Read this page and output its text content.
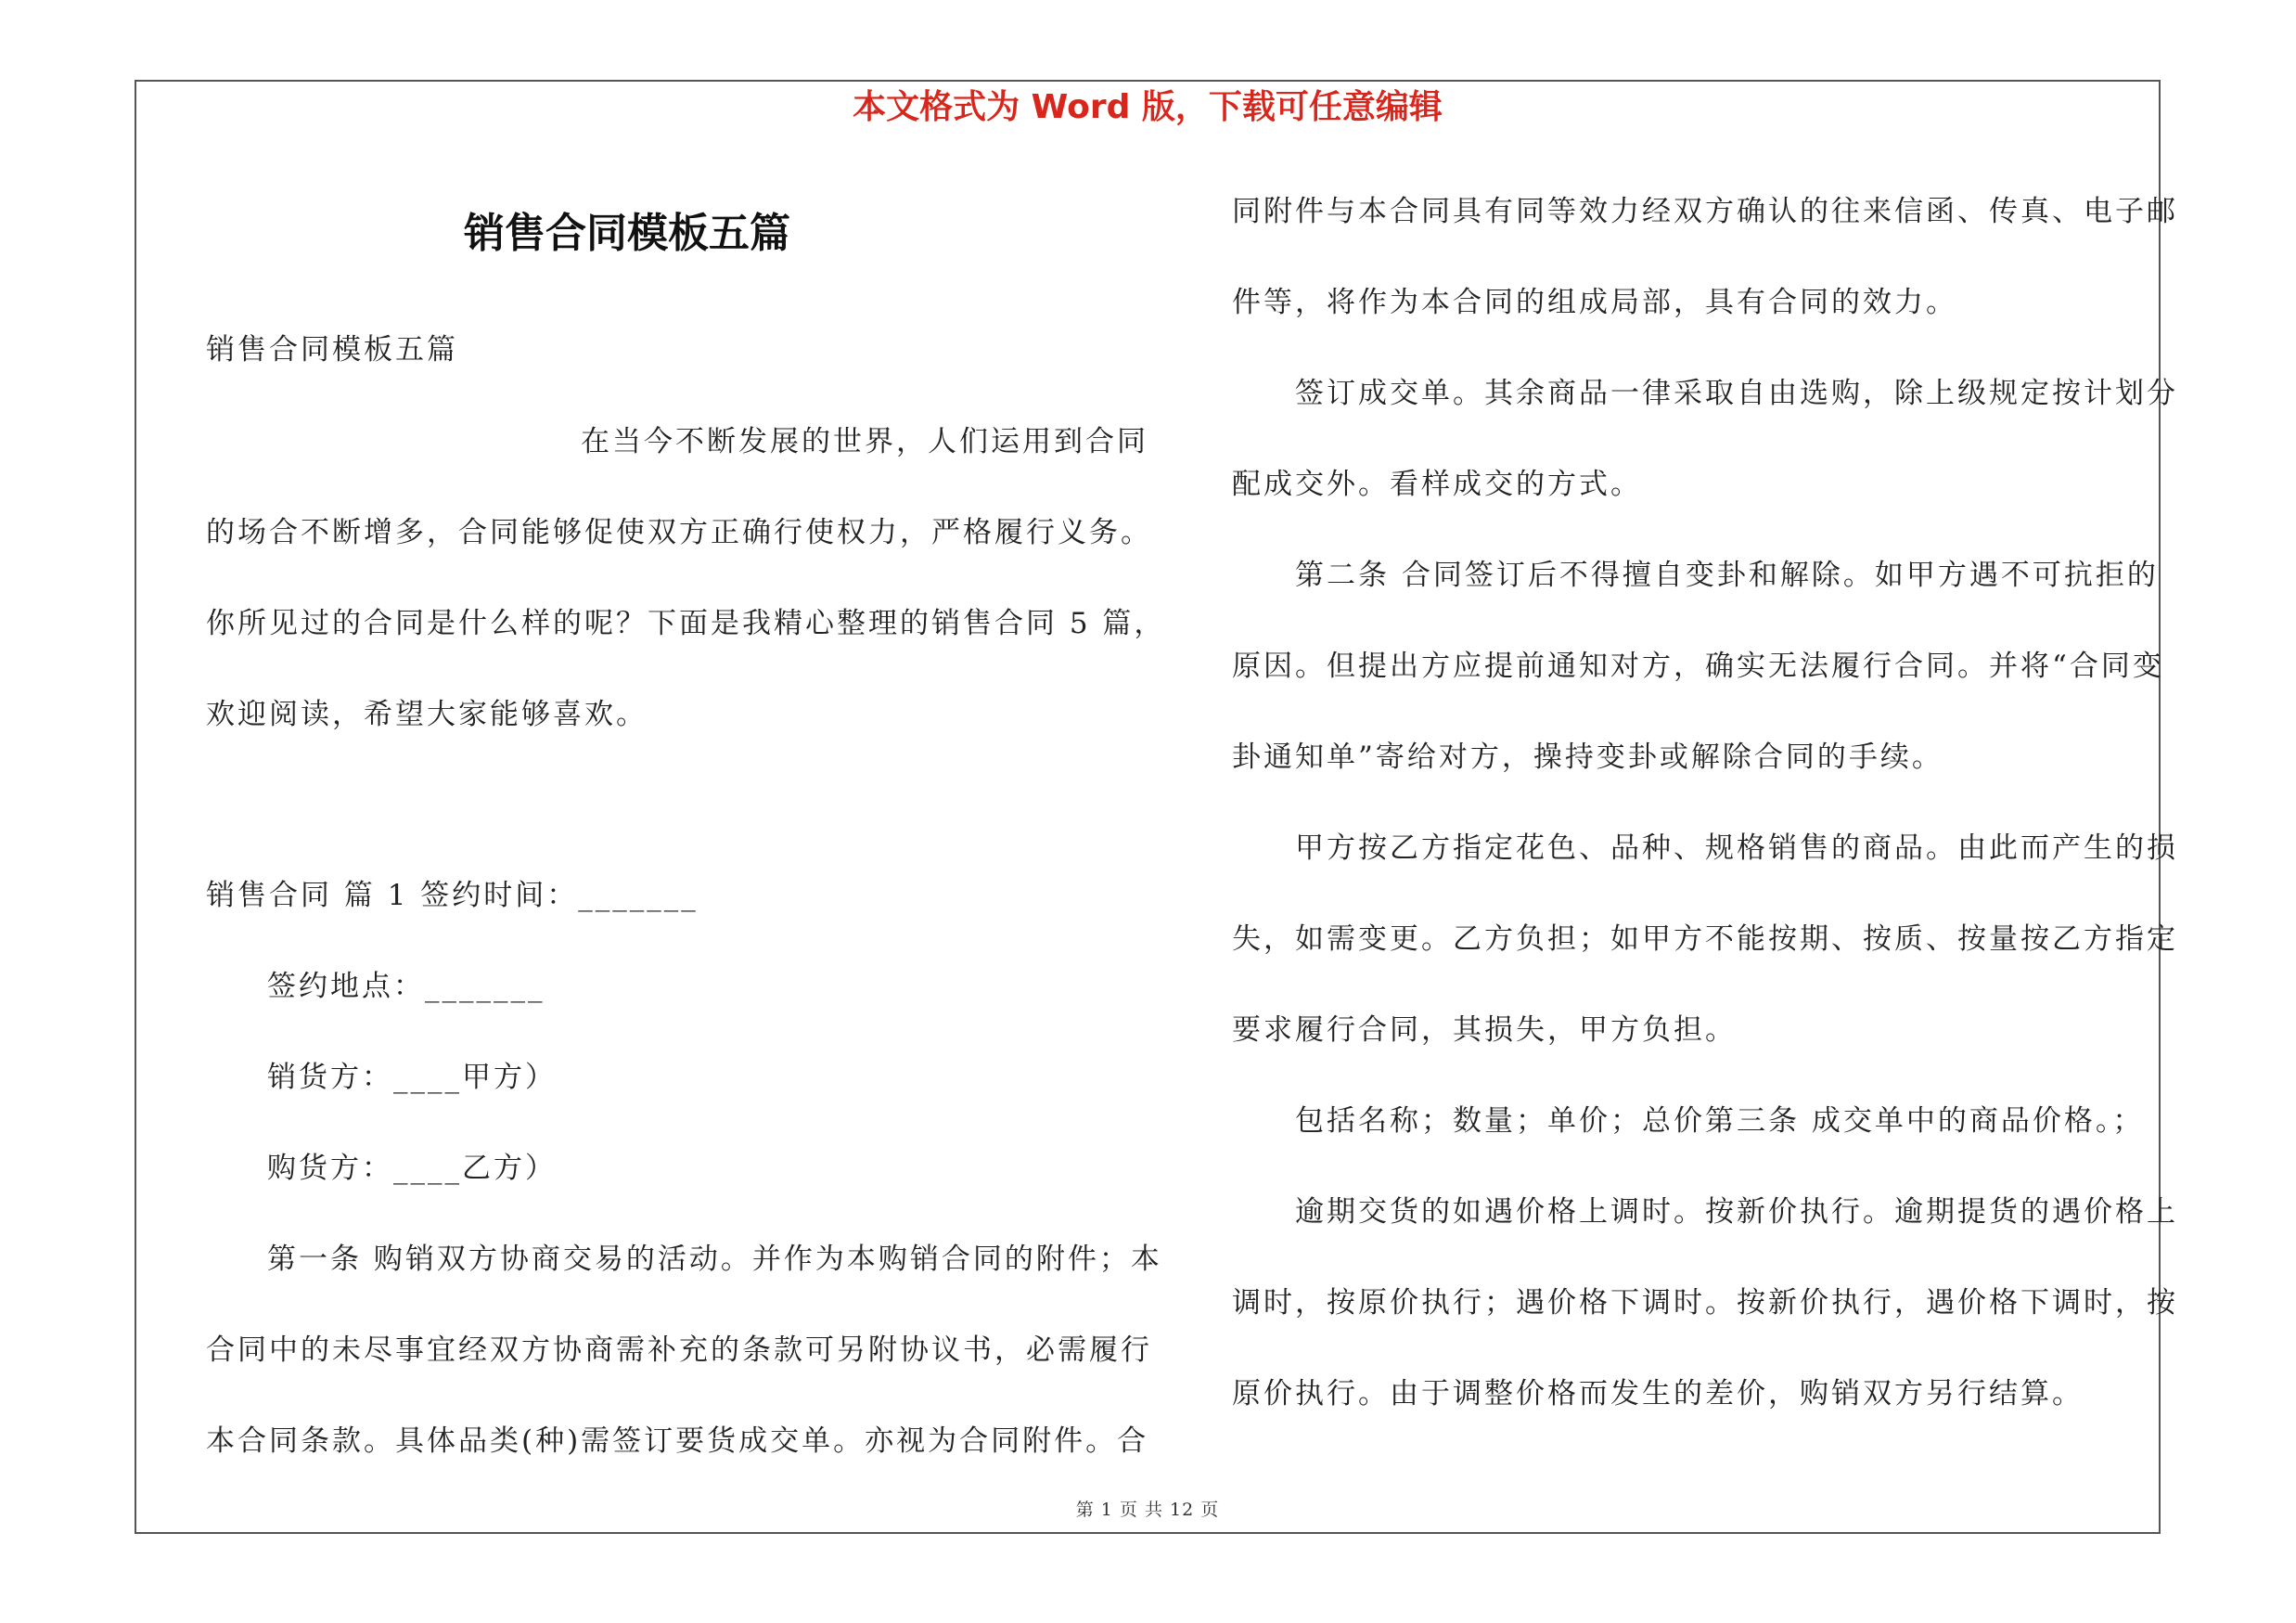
本文格式为 Word 版，下载可任意编辑
销售合同模板五篇
销售合同模板五篇
在当今不断发展的世界，人们运用到合同
的场合不断增多，合同能够促使双方正确行使权力，严格履行义务。
你所见过的合同是什么样的呢？下面是我精心整理的销售合同 5 篇，
欢迎阅读，希望大家能够喜欢。
销售合同 篇 1 签约时间：_______
签约地点：_______
销货方：____甲方）
购货方：____乙方）
第一条 购销双方协商交易的活动。并作为本购销合同的附件；本
合同中的未尽事宜经双方协商需补充的条款可另附协议书，必需履行
本合同条款。具体品类(种)需签订要货成交单。亦视为合同附件。合
同附件与本合同具有同等效力经双方确认的往来信函、传真、电子邮
件等，将作为本合同的组成局部，具有合同的效力。
签订成交单。其余商品一律采取自由选购，除上级规定按计划分
配成交外。看样成交的方式。
第二条 合同签订后不得擅自变卦和解除。如甲方遇不可抗拒的
原因。但提出方应提前通知对方，确实无法履行合同。并将“合同变
卦通知单”寄给对方，操持变卦或解除合同的手续。
甲方按乙方指定花色、品种、规格销售的商品。由此而产生的损
失，如需变更。乙方负担；如甲方不能按期、按质、按量按乙方指定
要求履行合同，其损失，甲方负担。
包括名称；数量；单价；总价第三条 成交单中的商品价格。；
逾期交货的如遇价格上调时。按新价执行。逾期提货的遇价格上
调时，按原价执行；遇价格下调时。按新价执行，遇价格下调时，按
原价执行。由于调整价格而发生的差价，购销双方另行结算。
第 1 页 共 12 页
